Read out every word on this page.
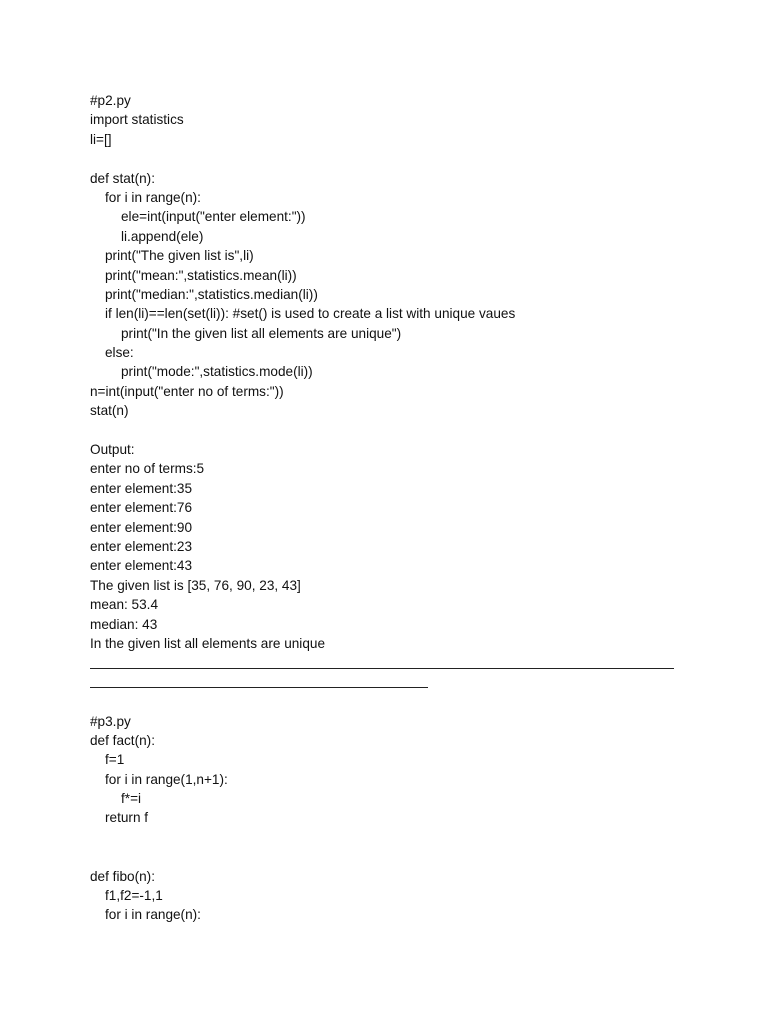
#p2.py
import statistics
li=[]
def stat(n):
for i in range(n):
ele=int(input("enter element:"))
li.append(ele)
print("The given list is",li)
print("mean:",statistics.mean(li))
print("median:",statistics.median(li))
if len(li)==len(set(li)): #set() is used to create a list with unique vaues
print("In the given list all elements are unique")
else:
print("mode:",statistics.mode(li))
n=int(input("enter no of terms:"))
stat(n)
Output:
enter no of terms:5
enter element:35
enter element:76
enter element:90
enter element:23
enter element:43
The given list is [35, 76, 90, 23, 43]
mean: 53.4
median: 43
In the given list all elements are unique
#p3.py
def fact(n):
f=1
for i in range(1,n+1):
f*=i
return f
def fibo(n):
f1,f2=-1,1
for i in range(n):
